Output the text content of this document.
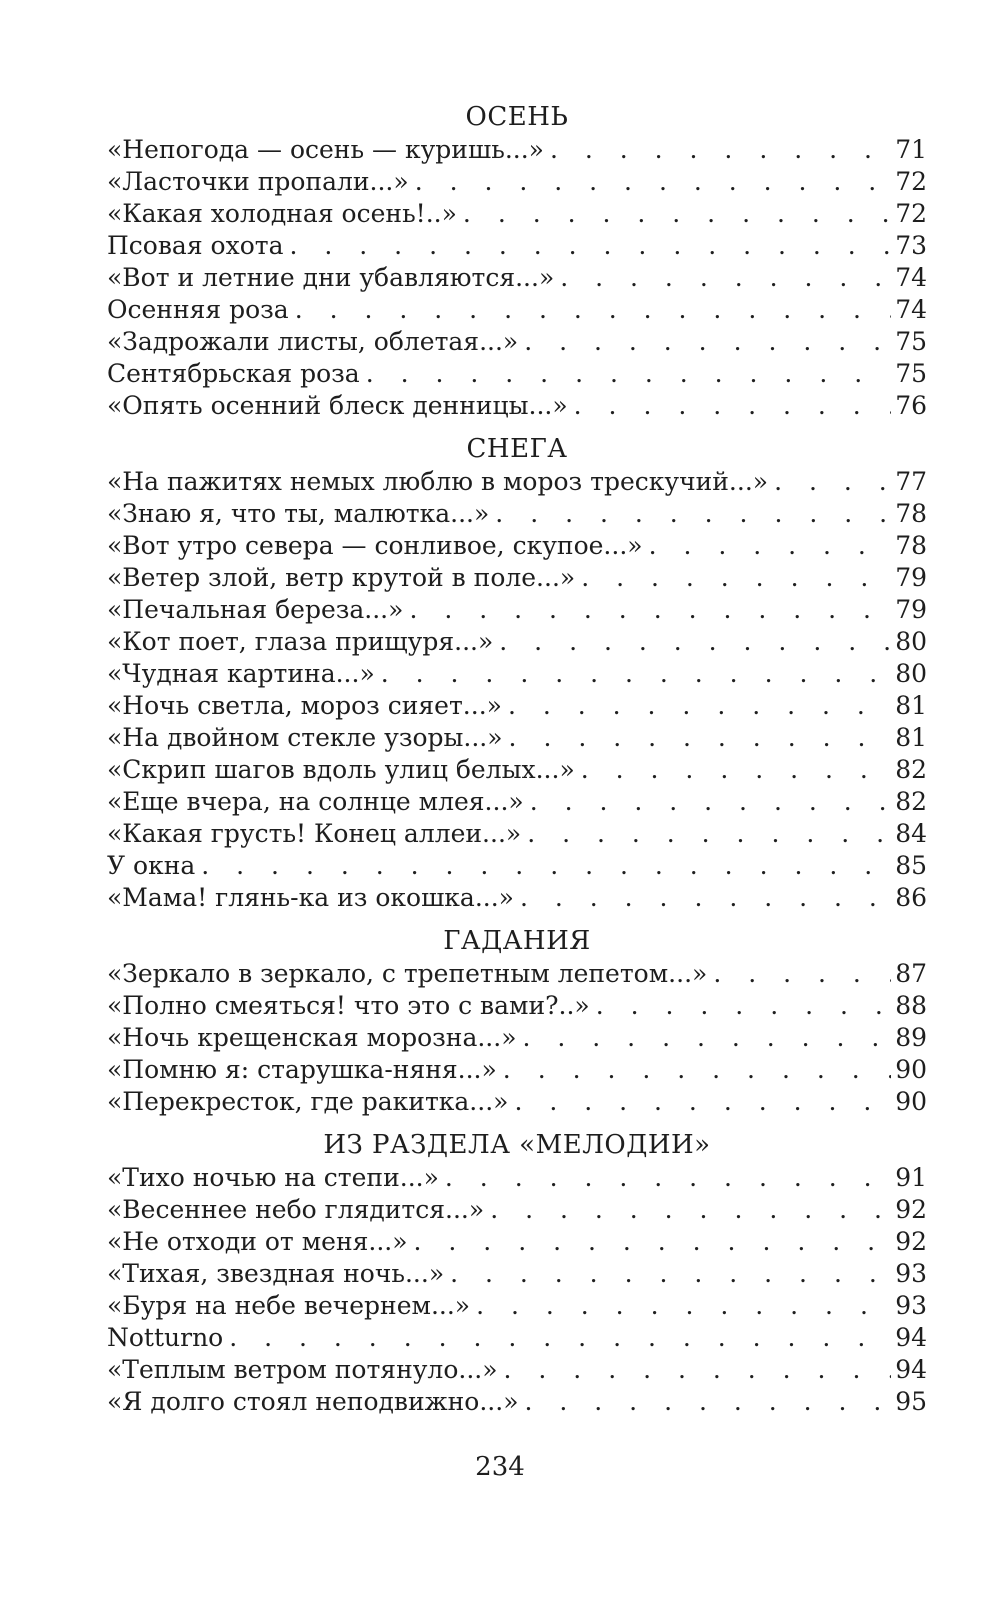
ОСЕНЬ
«Непогода — осень — куришь...» . . .	71
«Ласточки пропали...» . . .	72
«Какая холодная осень!..» . . .	72
Псовая охота . . .	73
«Вот и летние дни убавляются...» . . .	74
Осенняя роза . . .	74
«Задрожали листы, облетая...» . . .	75
Сентябрьская роза . . .	75
«Опять осенний блеск денницы...» . . .	76
СНЕГА
«На пажитях немых люблю в мороз трескучий...» . . .	77
«Знаю я, что ты, малютка...» . . .	78
«Вот утро севера — сонливое, скупое...» . . .	78
«Ветер злой, ветр крутой в поле...» . . .	79
«Печальная береза...» . . .	79
«Кот поет, глаза прищуря...» . . .	80
«Чудная картина...» . . .	80
«Ночь светла, мороз сияет...» . . .	81
«На двойном стекле узоры...» . . .	81
«Скрип шагов вдоль улиц белых...» . . .	82
«Еще вчера, на солнце млея...» . . .	82
«Какая грусть! Конец аллеи...» . . .	84
У окна . . .	85
«Мама! глянь-ка из окошка...» . . .	86
ГАДАНИЯ
«Зеркало в зеркало, с трепетным лепетом...» . . .	87
«Полно смеяться! что это с вами?..» . . .	88
«Ночь крещенская морозна...» . . .	89
«Помню я: старушка-няня...» . . .	90
«Перекресток, где ракитка...» . . .	90
ИЗ РАЗДЕЛА «МЕЛОДИИ»
«Тихо ночью на степи...» . . .	91
«Весеннее небо глядится...» . . .	92
«Не отходи от меня...» . . .	92
«Тихая, звездная ночь...» . . .	93
«Буря на небе вечернем...» . . .	93
Notturno . . .	94
«Теплым ветром потянуло...» . . .	94
«Я долго стоял неподвижно...» . . .	95
234
